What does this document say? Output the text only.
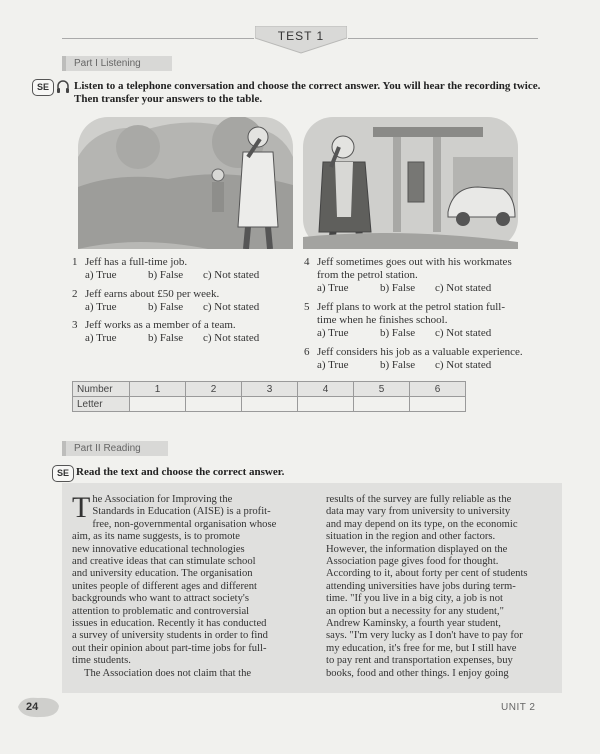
TEST 1
Part I Listening
SE	Listen to a telephone conversation and choose the correct answer. You will hear the recording twice.
Then transfer your answers to the table.
1 Jeff has a full-time job.
a) True	b) False c) Not stated
2 Jeff earns about £50 per week.
a) True	b) False c) Not stated
3 Jeff works as a member of a team.
a) True	b) False c) Not stated
4 Jeff sometimes goes out with his workmates
from the petrol station.
a) True	b) False c) Not stated
5 Jeff plans to work at the petrol station full-
time when he finishes school.
a) True	b) False c) Not stated
6 Jeff considers his job as a valuable experience.
a) True	b) False c) Not stated
Number	1	2	3	4	5	6
Letter						
Part II Reading
SE Read the text and choose the correct answer.
T he Association for Improving the

Standards in Education (AISE) is a profit-
free, non-governmental organisation whose
aim, as its name suggests, is to promote
new innovative educational technologies
and creative ideas that can stimulate school
and university education. The organisation
unites people of different ages and different
backgrounds who want to attract society's
attention to problematic and controversial
issues in education. Recently it has conducted
a survey of university students in order to find
out their opinion about part-time jobs for full-
time students.
The Association does not claim that the
results of the survey are fully reliable as the
data may vary from university to university
and may depend on its type, on the economic
situation in the region and other factors.
However, the information displayed on the
Association page gives food for thought.
According to it, about forty per cent of students
attending universities have jobs during term-
time. "If you live in a big city, a job is not
an option but a necessity for any student,"
Andrew Kaminsky, a fourth year student,
says. "I'm very lucky as I don't have to pay for
my education, it's free for me, but I still have
to pay rent and transportation expenses, buy
books, food and other things. I enjoy going
24	UNIT 2
